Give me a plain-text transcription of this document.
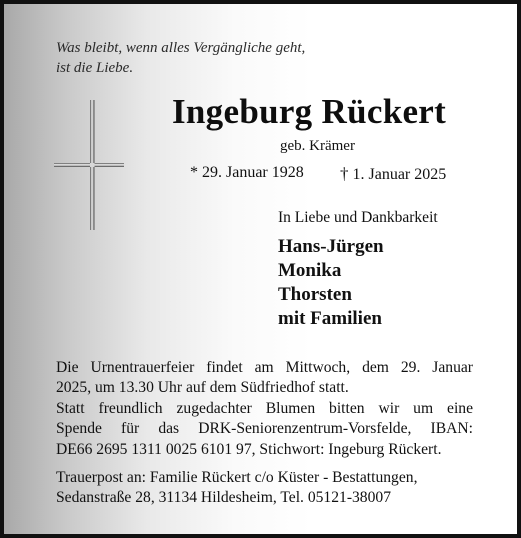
Was bleibt, wenn alles Vergängliche geht,
ist die Liebe.
Ingeburg Rückert
geb. Krämer
* 29. Januar 1928 † 1. Januar 2025
In Liebe und Dankbarkeit
Hans-Jürgen
Monika
Thorsten
mit Familien
Die Urnentrauerfeier findet am Mittwoch, dem 29. Januar
2025, um 13.30 Uhr auf dem Südfriedhof statt.
Statt freundlich zugedachter Blumen bitten wir um eine
Spende für das DRK-Seniorenzentrum-Vorsfelde, IBAN:
DE66 2695 1311 0025 6101 97, Stichwort: Ingeburg Rückert.
Trauerpost an: Familie Rückert c/o Küster - Bestattungen,
Sedanstraße 28, 31134 Hildesheim, Tel. 05121-38007
